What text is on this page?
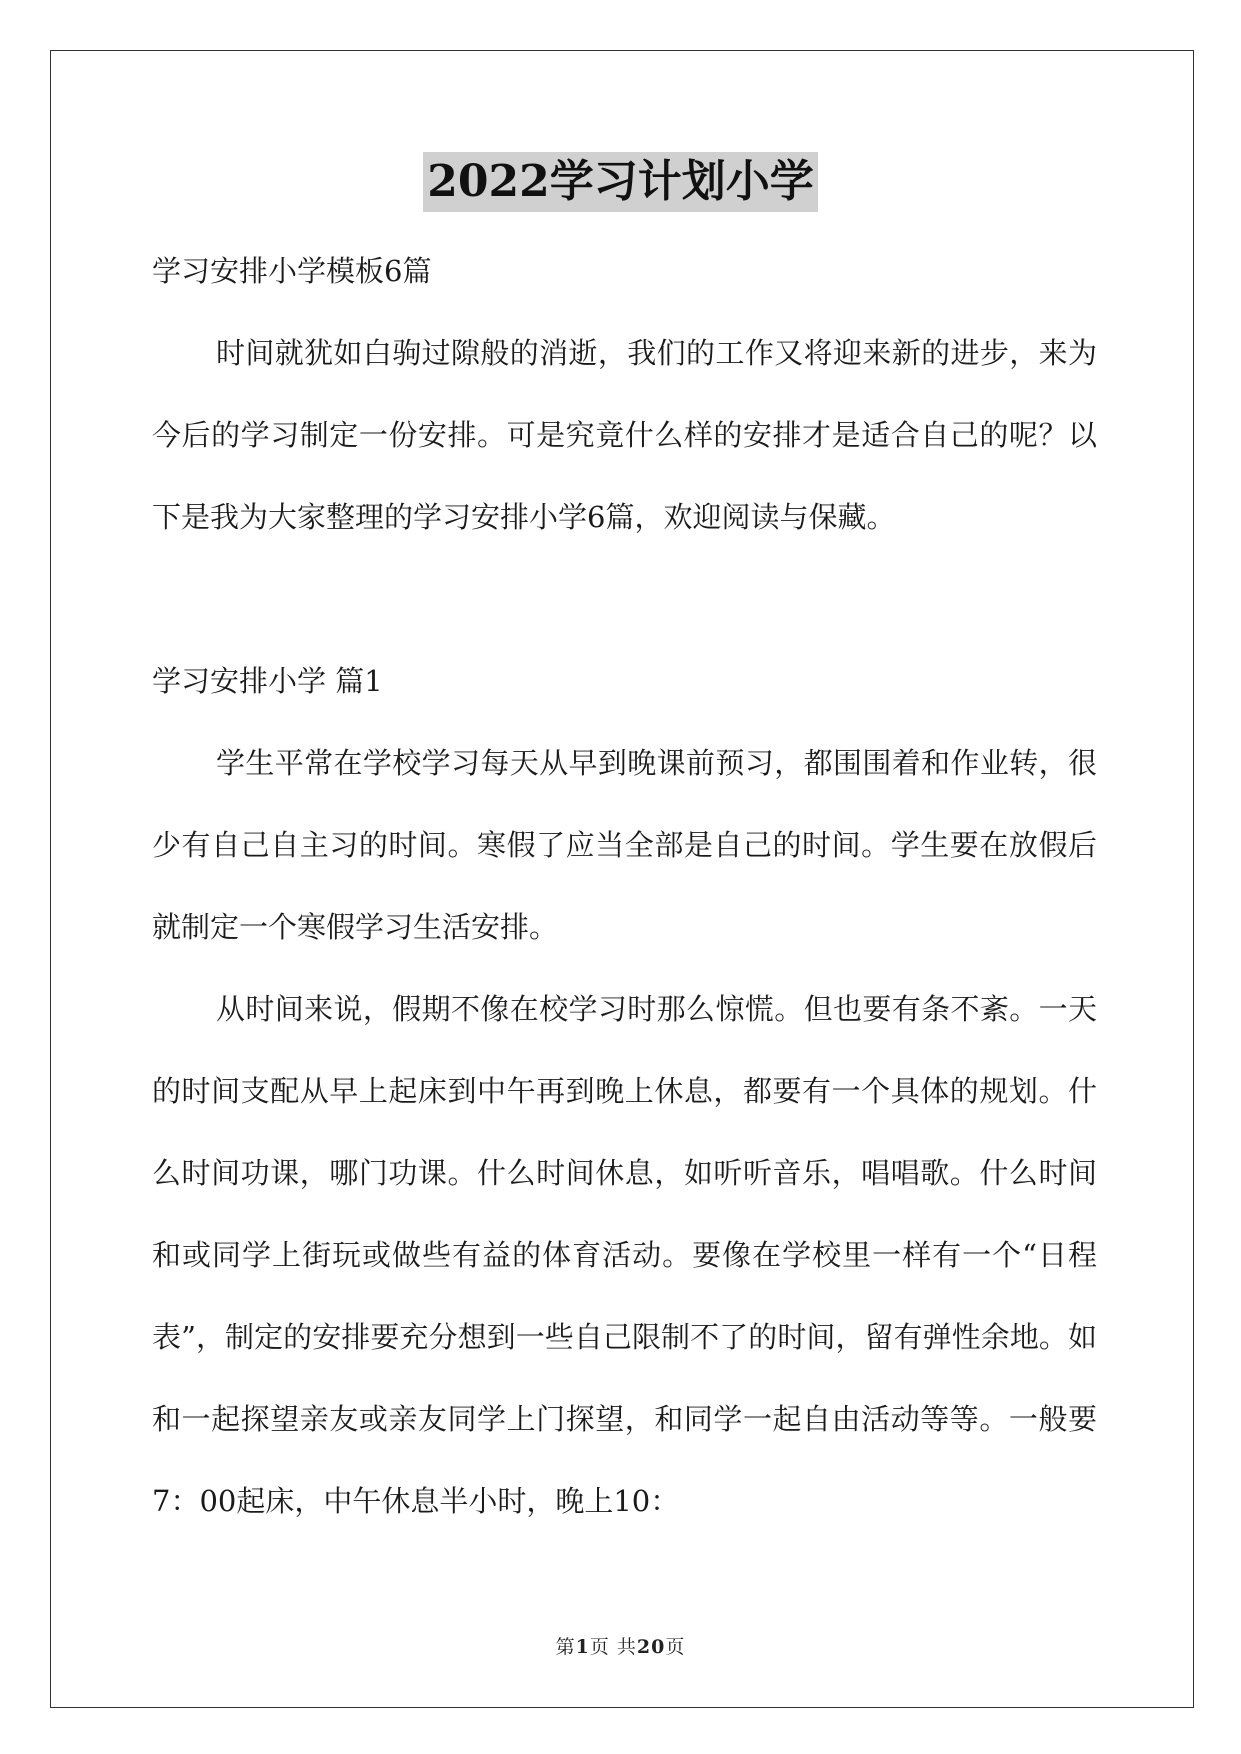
2022学习计划小学

学习安排小学模板6篇

时间就犹如白驹过隙般的消逝，我们的工作又将迎来新的进步，来为今后的学习制定一份安排。可是究竟什么样的安排才是适合自己的呢？以下是我为大家整理的学习安排小学6篇，欢迎阅读与保藏。

学习安排小学 篇1

学生平常在学校学习每天从早到晚课前预习，都围围着和作业转，很少有自己自主习的时间。寒假了应当全部是自己的时间。学生要在放假后就制定一个寒假学习生活安排。

从时间来说，假期不像在校学习时那么惊慌。但也要有条不紊。一天的时间支配从早上起床到中午再到晚上休息，都要有一个具体的规划。什么时间功课，哪门功课。什么时间休息，如听听音乐，唱唱歌。什么时间和或同学上街玩或做些有益的体育活动。要像在学校里一样有一个“日程表”，制定的安排要充分想到一些自己限制不了的时间，留有弹性余地。如和一起探望亲友或亲友同学上门探望，和同学一起自由活动等等。一般要7：00起床，中午休息半小时，晚上10：

第1页 共20页
